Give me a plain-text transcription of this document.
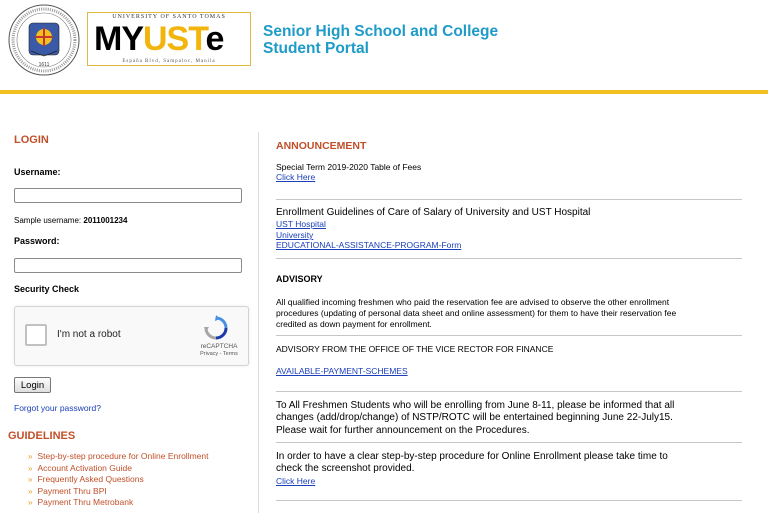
1611
UNIVERSITY OF SANTO TOMAS
MYUSTe
España Blvd, Sampaloc, Manila
Senior High School and College
Student Portal
LOGIN
Username:
Sample username: 2011001234
Password:
Security Check
I'm not a robot
reCAPTCHA
Privacy - Terms
Login
Forgot your password?
GUIDELINES
» Step-by-step procedure for Online Enrollment
» Account Activation Guide
» Frequently Asked Questions
» Payment Thru BPI
» Payment Thru Metrobank
ANNOUNCEMENT
Special Term 2019-2020 Table of Fees
Click Here
Enrollment Guidelines of Care of Salary of University and UST Hospital
UST Hospital
University
EDUCATIONAL-ASSISTANCE-PROGRAM-Form
ADVISORY
All qualified incoming freshmen who paid the reservation fee are advised to observe the other enrollment
procedures (updating of personal data sheet and online assessment) for them to have their reservation fee
credited as down payment for enrollment.
ADVISORY FROM THE OFFICE OF THE VICE RECTOR FOR FINANCE
AVAILABLE-PAYMENT-SCHEMES
To All Freshmen Students who will be enrolling from June 8-11, please be informed that all
changes (add/drop/change) of NSTP/ROTC will be entertained beginning June 22-July15.
Please wait for further announcement on the Procedures.
In order to have a clear step-by-step procedure for Online Enrollment please take time to
check the screenshot provided.
Click Here
